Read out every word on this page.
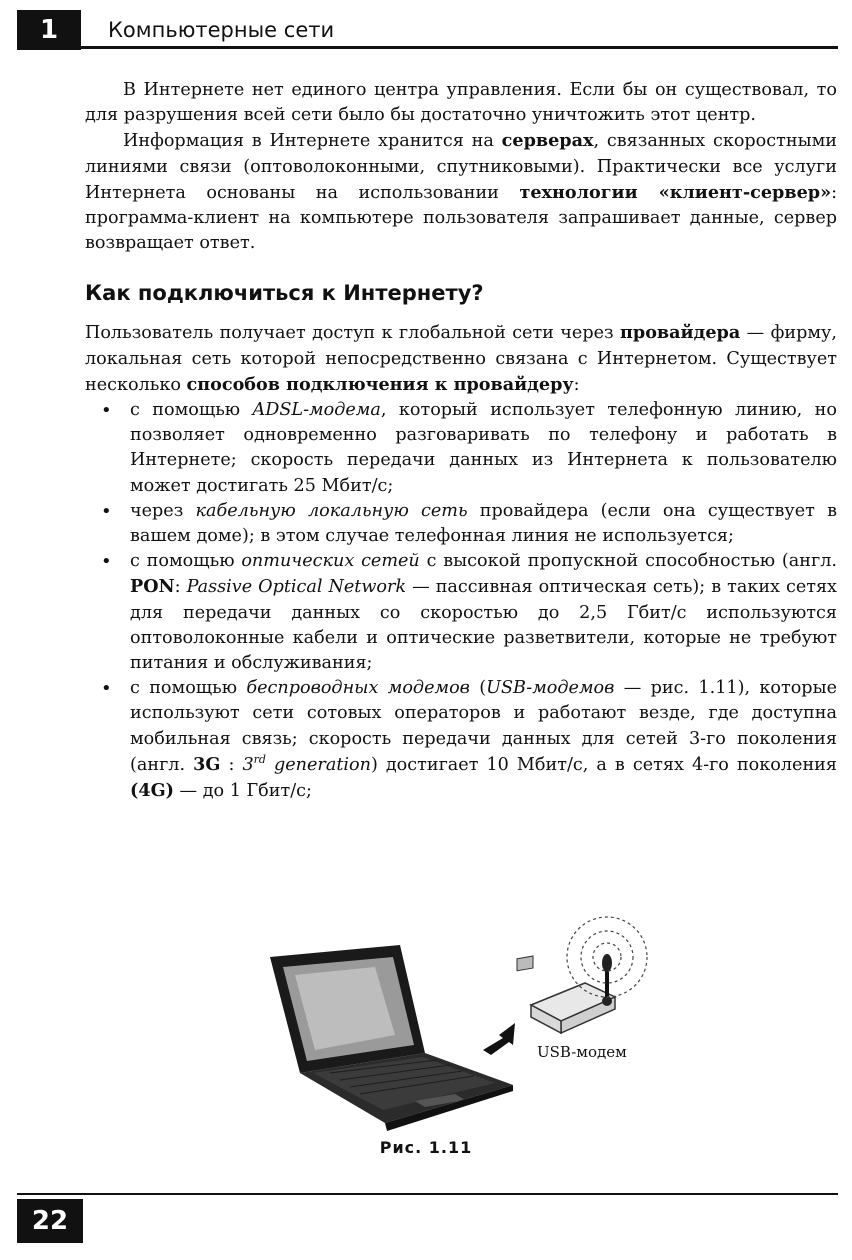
1	Компьютерные сети

В Интернете нет единого центра управления. Если бы он существовал, то для разрушения всей сети было бы достаточно уничтожить этот центр.

Информация в Интернете хранится на серверах, связанных скоростными линиями связи (оптоволоконными, спутниковыми). Практически все услуги Интернета основаны на использовании технологии «клиент-сервер»: программа-клиент на компьютере пользователя запрашивает данные, сервер возвращает ответ.

Как подключиться к Интернету?

Пользователь получает доступ к глобальной сети через провайдера — фирму, локальная сеть которой непосредственно связана с Интернетом. Существует несколько способов подключения к провайдеру:

• с помощью ADSL-модема, который использует телефонную линию, но позволяет одновременно разговаривать по телефону и работать в Интернете; скорость передачи данных из Интернета к пользователю может достигать 25 Мбит/с;
• через кабельную локальную сеть провайдера (если она существует в вашем доме); в этом случае телефонная линия не используется;
• с помощью оптических сетей с высокой пропускной способностью (англ. PON: Passive Optical Network — пассивная оптическая сеть); в таких сетях для передачи данных со скоростью до 2,5 Гбит/с используются оптоволоконные кабели и оптические разветвители, которые не требуют питания и обслуживания;
• с помощью беспроводных модемов (USB-модемов — рис. 1.11), которые используют сети сотовых операторов и работают везде, где доступна мобильная связь; скорость передачи данных для сетей 3-го поколения (англ. 3G : 3rd generation) достигает 10 Мбит/с, а в сетях 4-го поколения (4G) — до 1 Гбит/с;
USB-модем
Рис. 1.11
22
